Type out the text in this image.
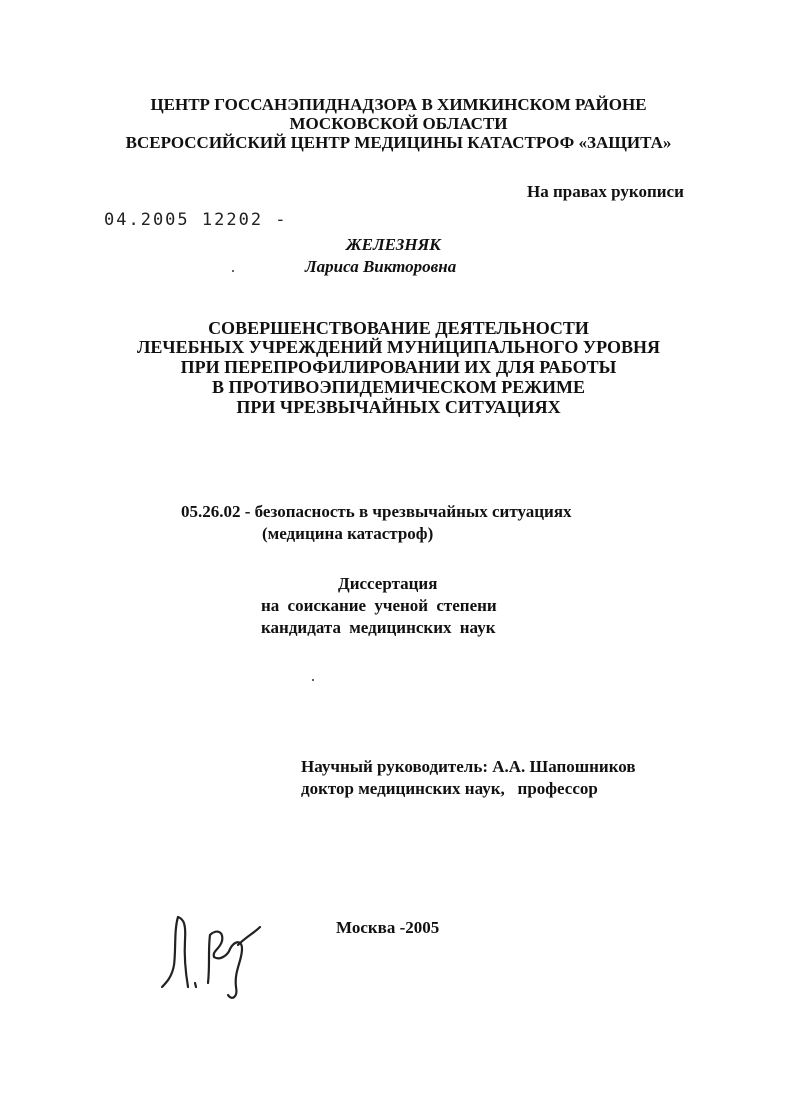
ЦЕНТР ГОССАНЭПИДНАДЗОРА В ХИМКИНСКОМ РАЙОНЕ
МОСКОВСКОЙ ОБЛАСТИ
ВСЕРОССИЙСКИЙ ЦЕНТР МЕДИЦИНЫ КАТАСТРОФ «ЗАЩИТА»
На правах рукописи
04.2005 12202 -
ЖЕЛЕЗНЯК
Лариса Викторовна
СОВЕРШЕНСТВОВАНИЕ ДЕЯТЕЛЬНОСТИ
ЛЕЧЕБНЫХ УЧРЕЖДЕНИЙ МУНИЦИПАЛЬНОГО УРОВНЯ
ПРИ ПЕРЕПРОФИЛИРОВАНИИ ИХ ДЛЯ РАБОТЫ
В ПРОТИВОЭПИДЕМИЧЕСКОМ РЕЖИМЕ
ПРИ ЧРЕЗВЫЧАЙНЫХ СИТУАЦИЯХ
05.26.02 - безопасность в чрезвычайных ситуациях
(медицина катастроф)
Диссертация
на соискание ученой степени
кандидата медицинских наук
Научный руководитель: А.А. Шапошников
доктор медицинских наук,   профессор
Москва -2005
